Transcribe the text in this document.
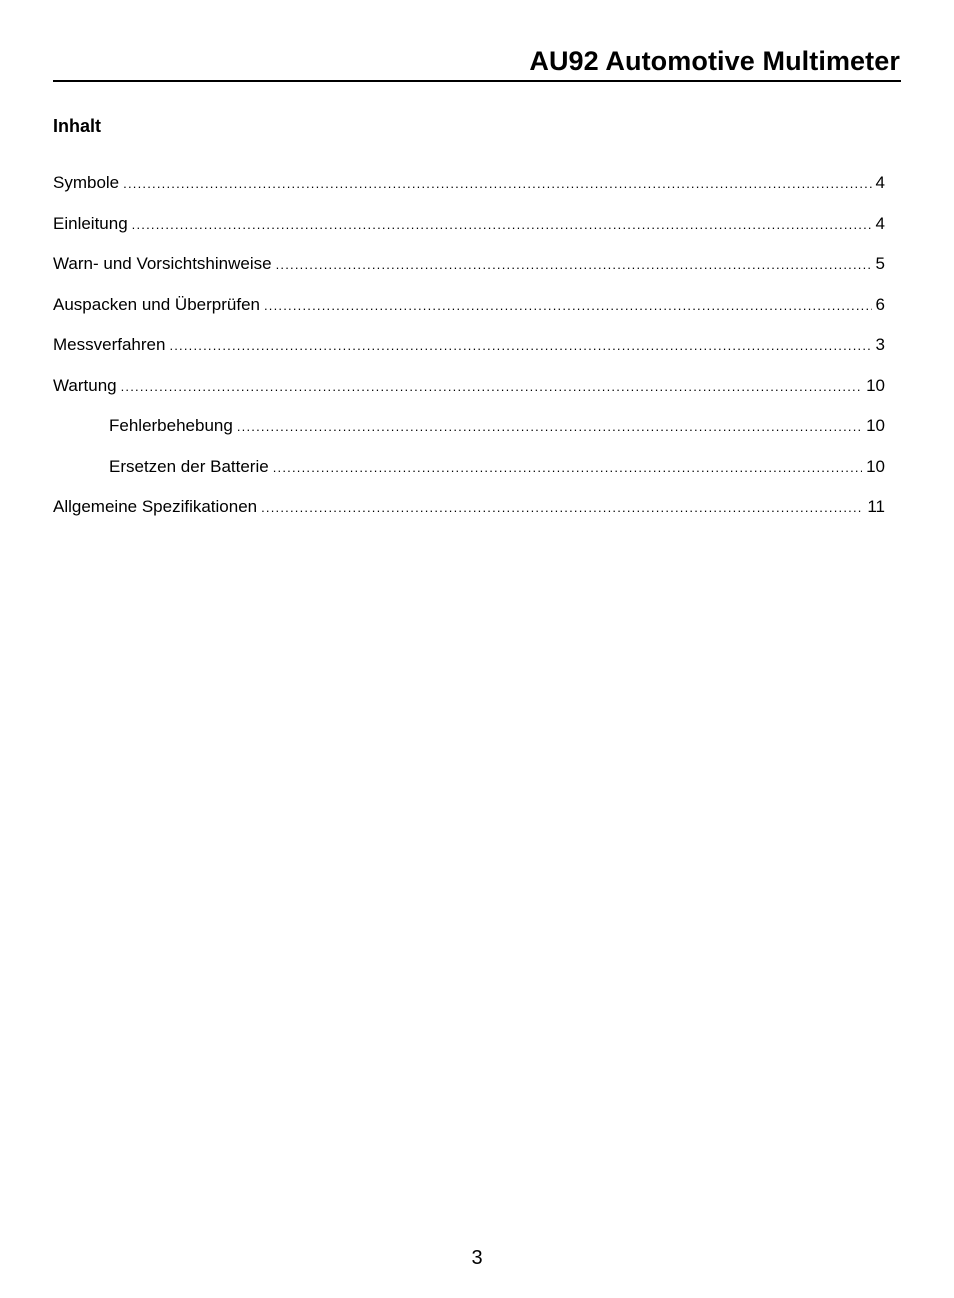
AU92 Automotive Multimeter
Inhalt
Symbole .....	4
Einleitung .....	4
Warn- und Vorsichtshinweise .....	5
Auspacken und Überprüfen .....	6
Messverfahren .....	3
Wartung .....	10
Fehlerbehebung .....	10
Ersetzen der Batterie .....	10
Allgemeine Spezifikationen .....	11
3
